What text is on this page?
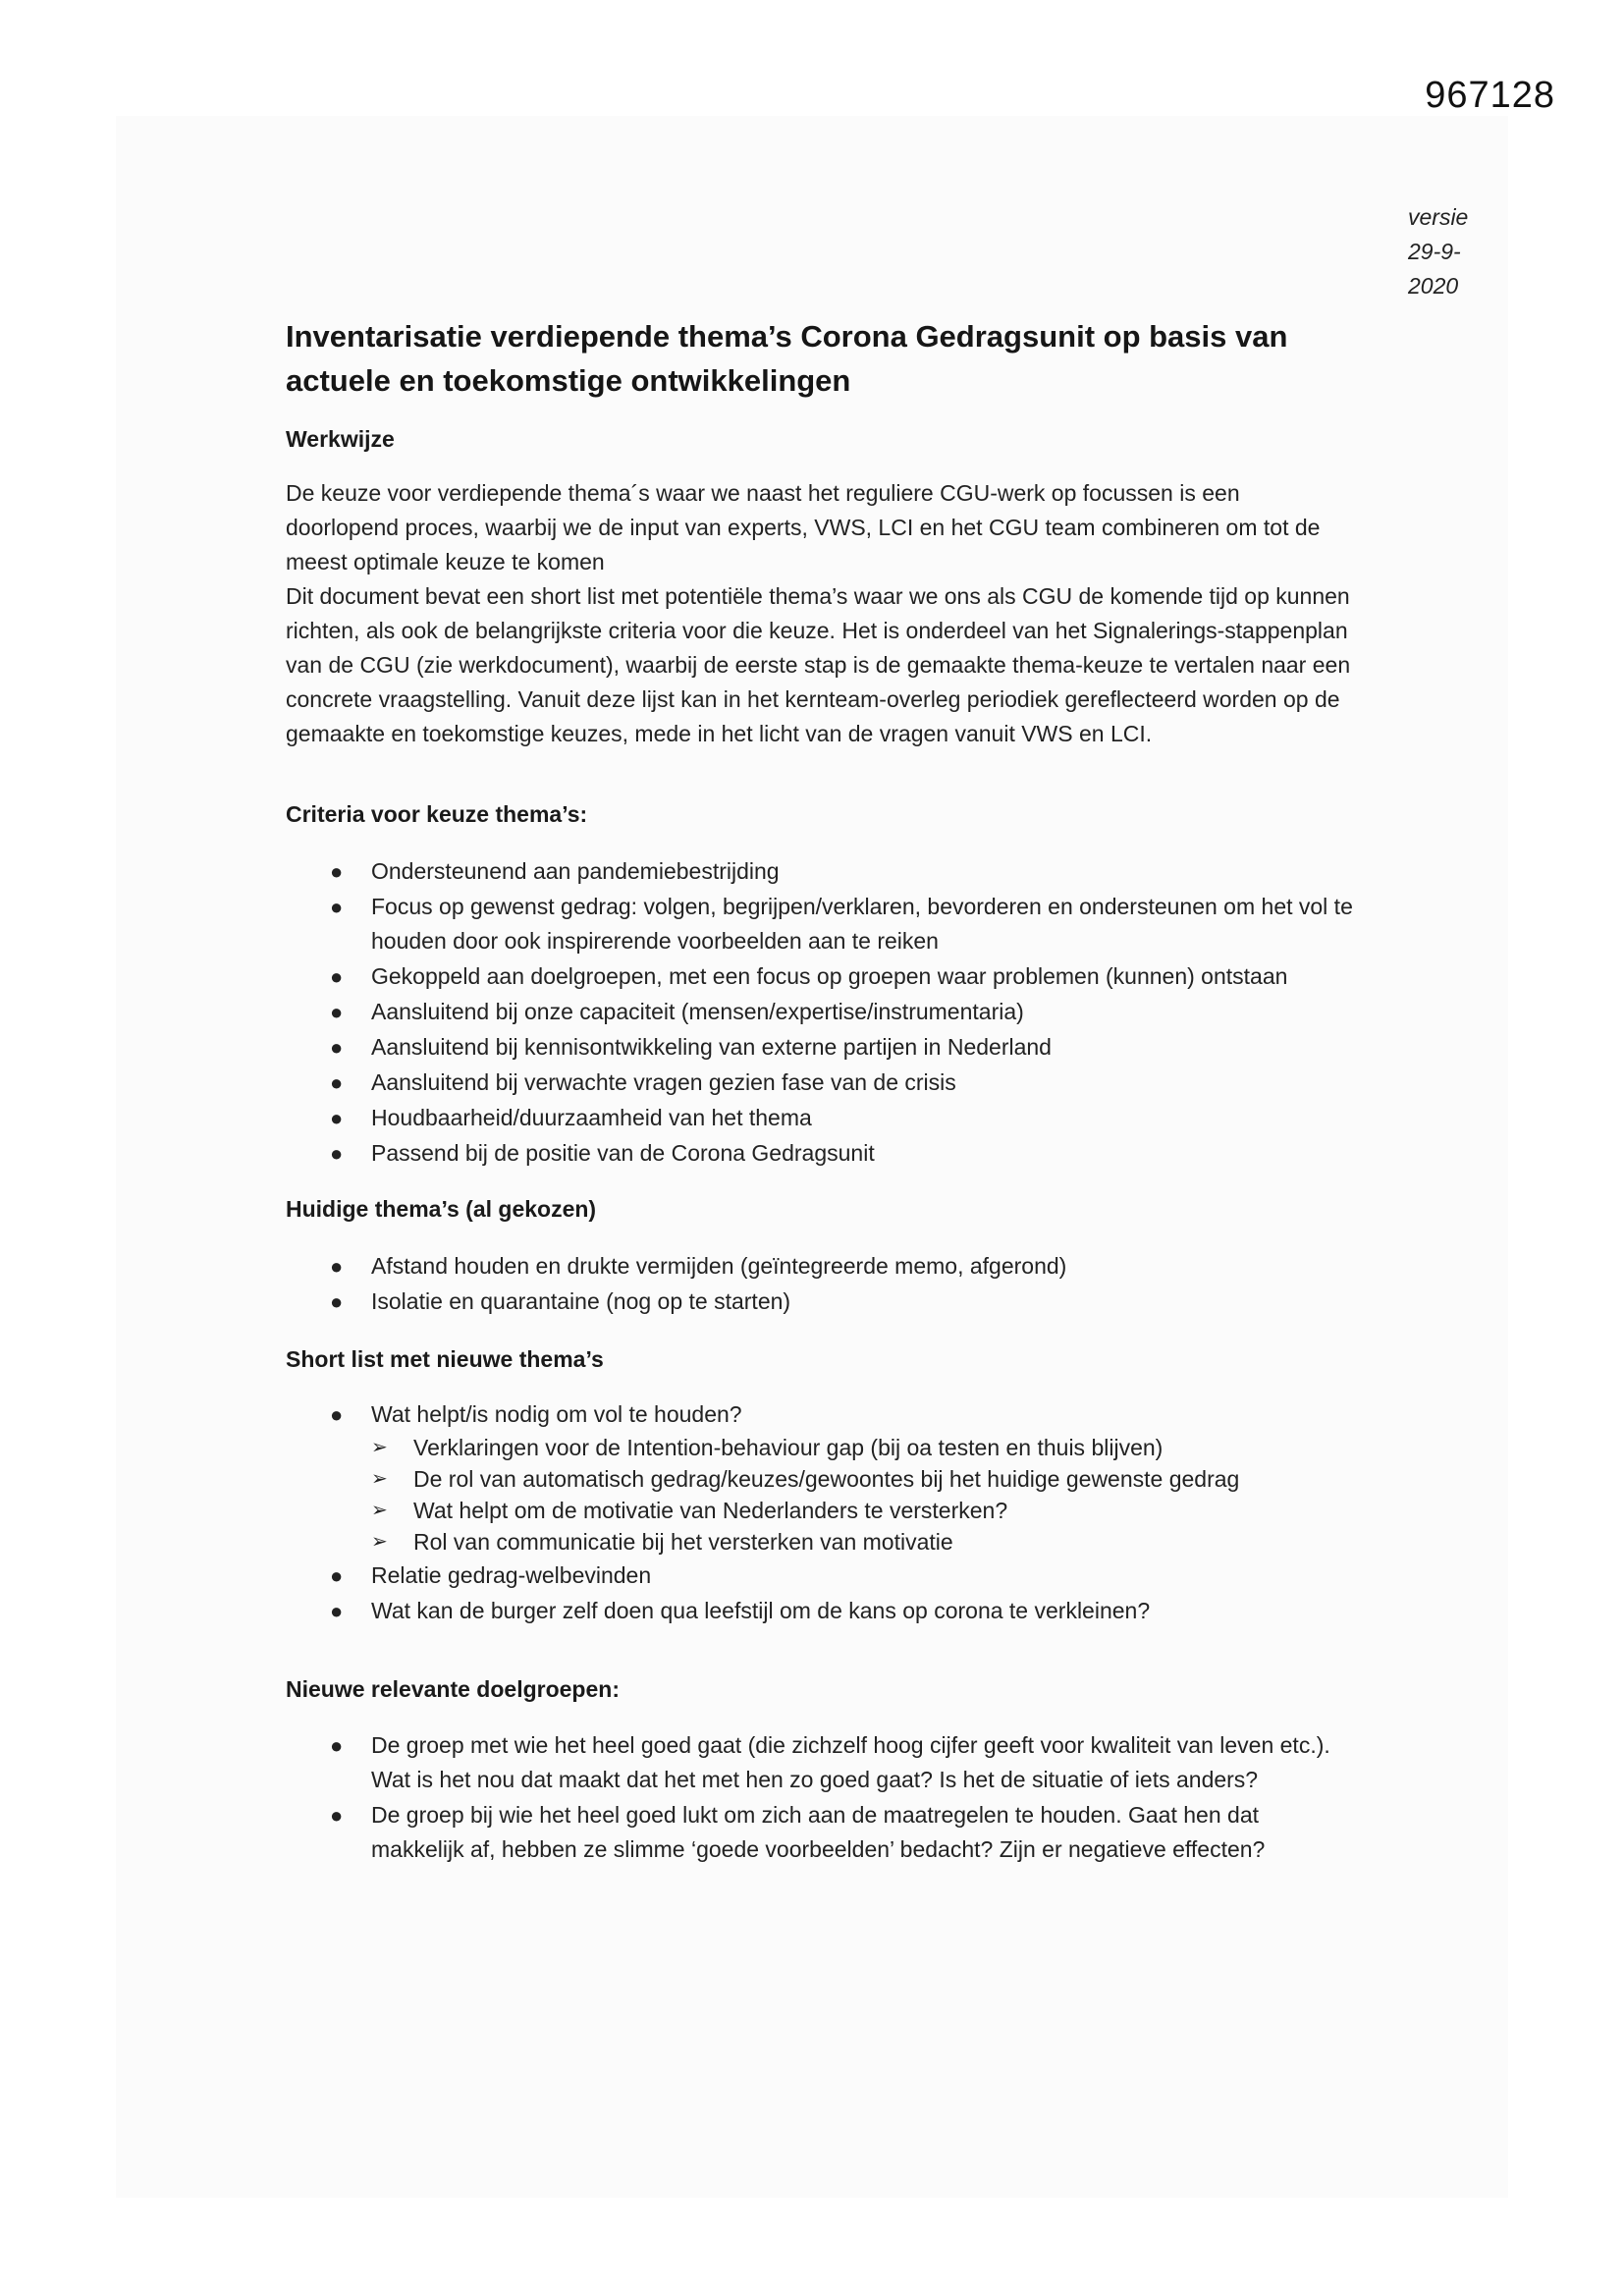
967128
versie 29-9-2020
Inventarisatie verdiepende thema’s Corona Gedragsunit op basis van actuele en toekomstige ontwikkelingen
Werkwijze

De keuze voor verdiepende thema´s waar we naast het reguliere CGU-werk op focussen is een doorlopend proces, waarbij we de input van experts, VWS, LCI en het CGU team combineren om tot de meest optimale keuze te komen

Dit document bevat een short list met potentiële thema’s waar we ons als CGU de komende tijd op kunnen richten, als ook de belangrijkste criteria voor die keuze. Het is onderdeel van het Signalerings-stappenplan van de CGU (zie werkdocument), waarbij de eerste stap is de gemaakte thema-keuze te vertalen naar een concrete vraagstelling. Vanuit deze lijst kan in het kernteam-overleg periodiek gereflecteerd worden op de gemaakte en toekomstige keuzes, mede in het licht van de vragen vanuit VWS en LCI.

Criteria voor keuze thema’s:
● Ondersteunend aan pandemiebestrijding
● Focus op gewenst gedrag: volgen, begrijpen/verklaren, bevorderen en ondersteunen om het vol te houden door ook inspirerende voorbeelden aan te reiken
● Gekoppeld aan doelgroepen, met een focus op groepen waar problemen (kunnen) ontstaan
● Aansluitend bij onze capaciteit (mensen/expertise/instrumentaria)
● Aansluitend bij kennisontwikkeling van externe partijen in Nederland
● Aansluitend bij verwachte vragen gezien fase van de crisis
● Houdbaarheid/duurzaamheid van het thema
● Passend bij de positie van de Corona Gedragsunit
Huidige thema’s (al gekozen)
● Afstand houden en drukte vermijden (geïntegreerde memo, afgerond)
● Isolatie en quarantaine (nog op te starten)
Short list met nieuwe thema’s
● Wat helpt/is nodig om vol te houden?
➢ Verklaringen voor de Intention-behaviour gap (bij oa testen en thuis blijven)
➢ De rol van automatisch gedrag/keuzes/gewoontes bij het huidige gewenste gedrag
➢ Wat helpt om de motivatie van Nederlanders te versterken?
➢ Rol van communicatie bij het versterken van motivatie
● Relatie gedrag-welbevinden
● Wat kan de burger zelf doen qua leefstijl om de kans op corona te verkleinen?
Nieuwe relevante doelgroepen:
● De groep met wie het heel goed gaat (die zichzelf hoog cijfer geeft voor kwaliteit van leven etc.). Wat is het nou dat maakt dat het met hen zo goed gaat? Is het de situatie of iets anders?
● De groep bij wie het heel goed lukt om zich aan de maatregelen te houden. Gaat hen dat makkelijk af, hebben ze slimme ‘goede voorbeelden’ bedacht? Zijn er negatieve effecten?
